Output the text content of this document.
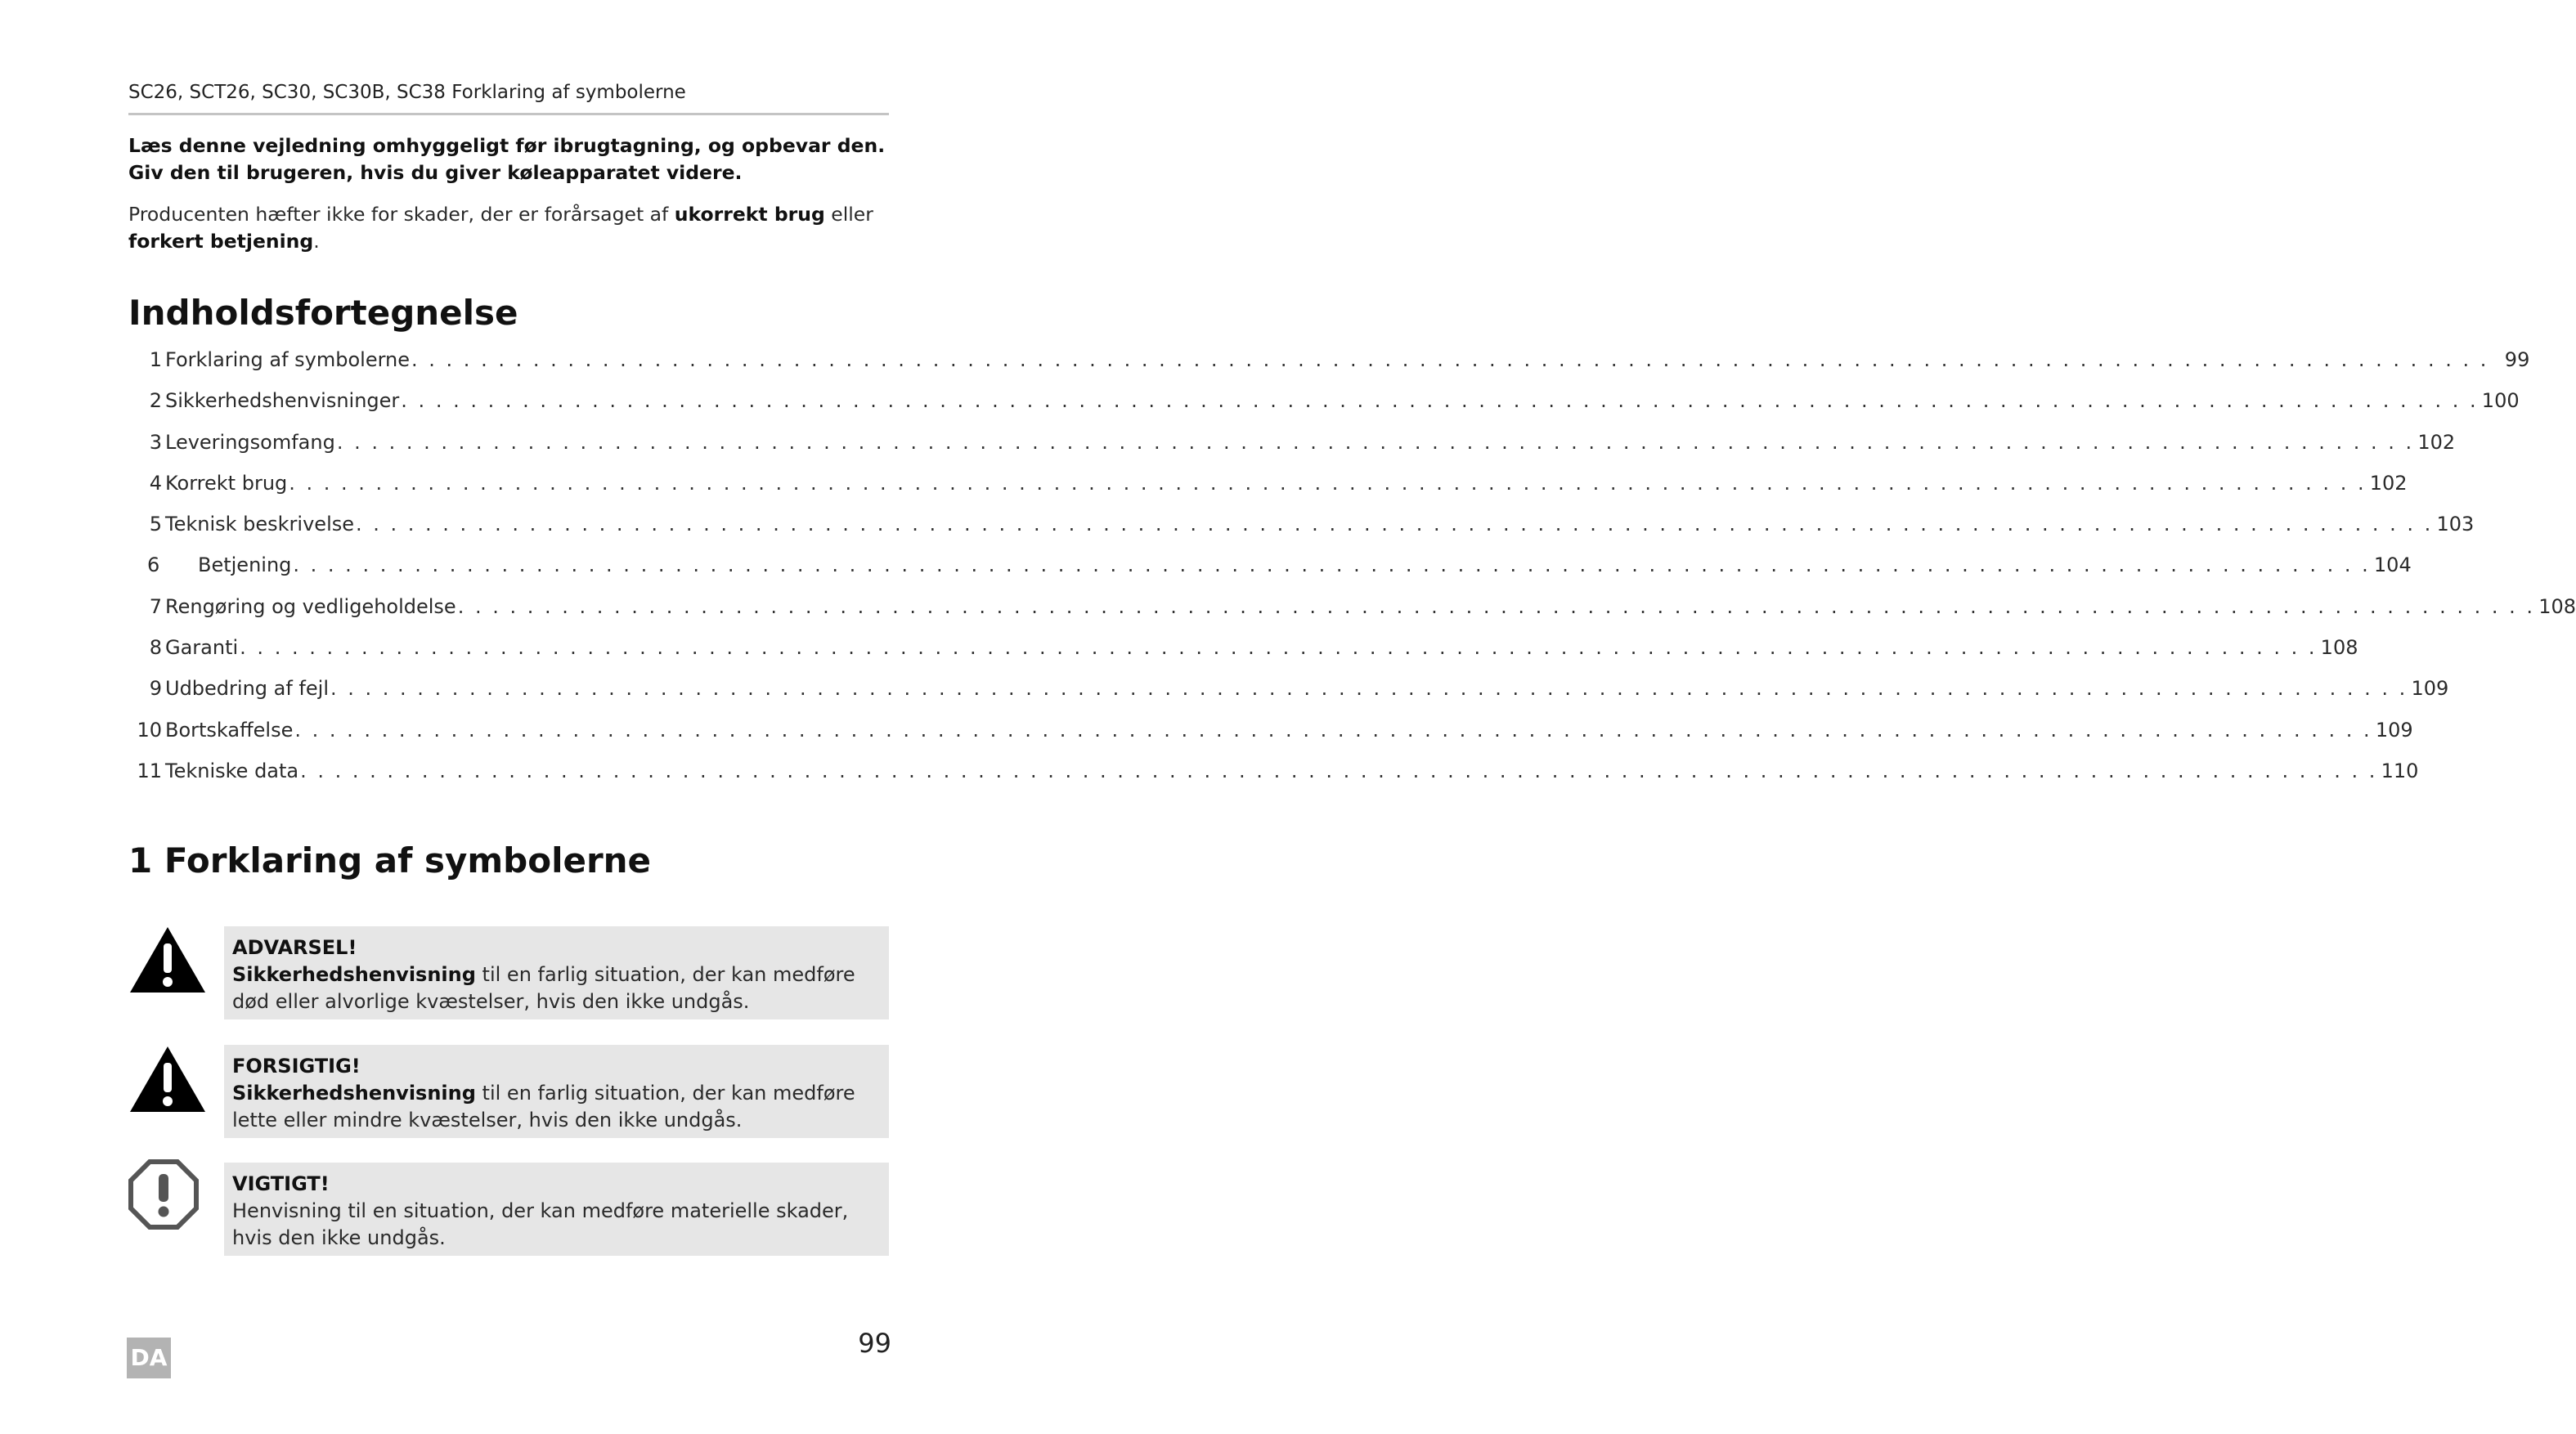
SC26, SCT26, SC30, SC30B, SC38 Forklaring af symbolerne
Læs denne vejledning omhyggeligt før ibrugtagning, og opbevar den. Giv den til brugeren, hvis du giver køleapparatet videre.
Producenten hæfter ikke for skader, der er forårsaget af ukorrekt brug eller forkert betjening.
Indholdsfortegnelse
1 Forklaring af symbolerne . . . . . . . . . . . . . . . . . . . . . . . . . . . . . . . . . . . . . . . . . . . . . . . . . . . . . . . . . . . . . . . . . . . . . . . . . . . . . . . . . . . . . . . . . . . . . . . . . . . . . . . . . . . . . . . . . . . . . . . . 99
2 Sikkerhedshenvisninger . . . . . . . . . . . . . . . . . . . . . . . . . . . . . . . . . . . . . . . . . . . . . . . . . . . . . . . . . . . . . . . . . . . . . . . . . . . . . . . . . . . . . . . . . . . . . . . . . . . . . . . . . . . . . . . . . . . . . . . . 100
3 Leveringsomfang . . . . . . . . . . . . . . . . . . . . . . . . . . . . . . . . . . . . . . . . . . . . . . . . . . . . . . . . . . . . . . . . . . . . . . . . . . . . . . . . . . . . . . . . . . . . . . . . . . . . . . . . . . . . . . . . . . . . . . . . 102
4 Korrekt brug . . . . . . . . . . . . . . . . . . . . . . . . . . . . . . . . . . . . . . . . . . . . . . . . . . . . . . . . . . . . . . . . . . . . . . . . . . . . . . . . . . . . . . . . . . . . . . . . . . . . . . . . . . . . . . . . . . . . . . . . 102
5 Teknisk beskrivelse . . . . . . . . . . . . . . . . . . . . . . . . . . . . . . . . . . . . . . . . . . . . . . . . . . . . . . . . . . . . . . . . . . . . . . . . . . . . . . . . . . . . . . . . . . . . . . . . . . . . . . . . . . . . . . . . . . . . . . . . 103
6	Betjening . . . . . . . . . . . . . . . . . . . . . . . . . . . . . . . . . . . . . . . . . . . . . . . . . . . . . . . . . . . . . . . . . . . . . . . . . . . . . . . . . . . . . . . . . . . . . . . . . . . . . . . . . . . . . . . . . . . . . . . . 104
7 Rengøring og vedligeholdelse . . . . . . . . . . . . . . . . . . . . . . . . . . . . . . . . . . . . . . . . . . . . . . . . . . . . . . . . . . . . . . . . . . . . . . . . . . . . . . . . . . . . . . . . . . . . . . . . . . . . . . . . . . . . . . . . . . . . . . . . 108
8 Garanti . . . . . . . . . . . . . . . . . . . . . . . . . . . . . . . . . . . . . . . . . . . . . . . . . . . . . . . . . . . . . . . . . . . . . . . . . . . . . . . . . . . . . . . . . . . . . . . . . . . . . . . . . . . . . . . . . . . . . . . . 108
9 Udbedring af fejl . . . . . . . . . . . . . . . . . . . . . . . . . . . . . . . . . . . . . . . . . . . . . . . . . . . . . . . . . . . . . . . . . . . . . . . . . . . . . . . . . . . . . . . . . . . . . . . . . . . . . . . . . . . . . . . . . . . . . . . . 109
10 Bortskaffelse . . . . . . . . . . . . . . . . . . . . . . . . . . . . . . . . . . . . . . . . . . . . . . . . . . . . . . . . . . . . . . . . . . . . . . . . . . . . . . . . . . . . . . . . . . . . . . . . . . . . . . . . . . . . . . . . . . . . . . . . 109
11 Tekniske data . . . . . . . . . . . . . . . . . . . . . . . . . . . . . . . . . . . . . . . . . . . . . . . . . . . . . . . . . . . . . . . . . . . . . . . . . . . . . . . . . . . . . . . . . . . . . . . . . . . . . . . . . . . . . . . . . . . . . . . . 110
1 Forklaring af symbolerne
ADVARSEL!
Sikkerhedshenvisning til en farlig situation, der kan medføre død eller alvorlige kvæstelser, hvis den ikke undgås.
FORSIGTIG!
Sikkerhedshenvisning til en farlig situation, der kan medføre lette eller mindre kvæstelser, hvis den ikke undgås.
VIGTIGT!
Henvisning til en situation, der kan medføre materielle skader, hvis den ikke undgås.
DA	99
